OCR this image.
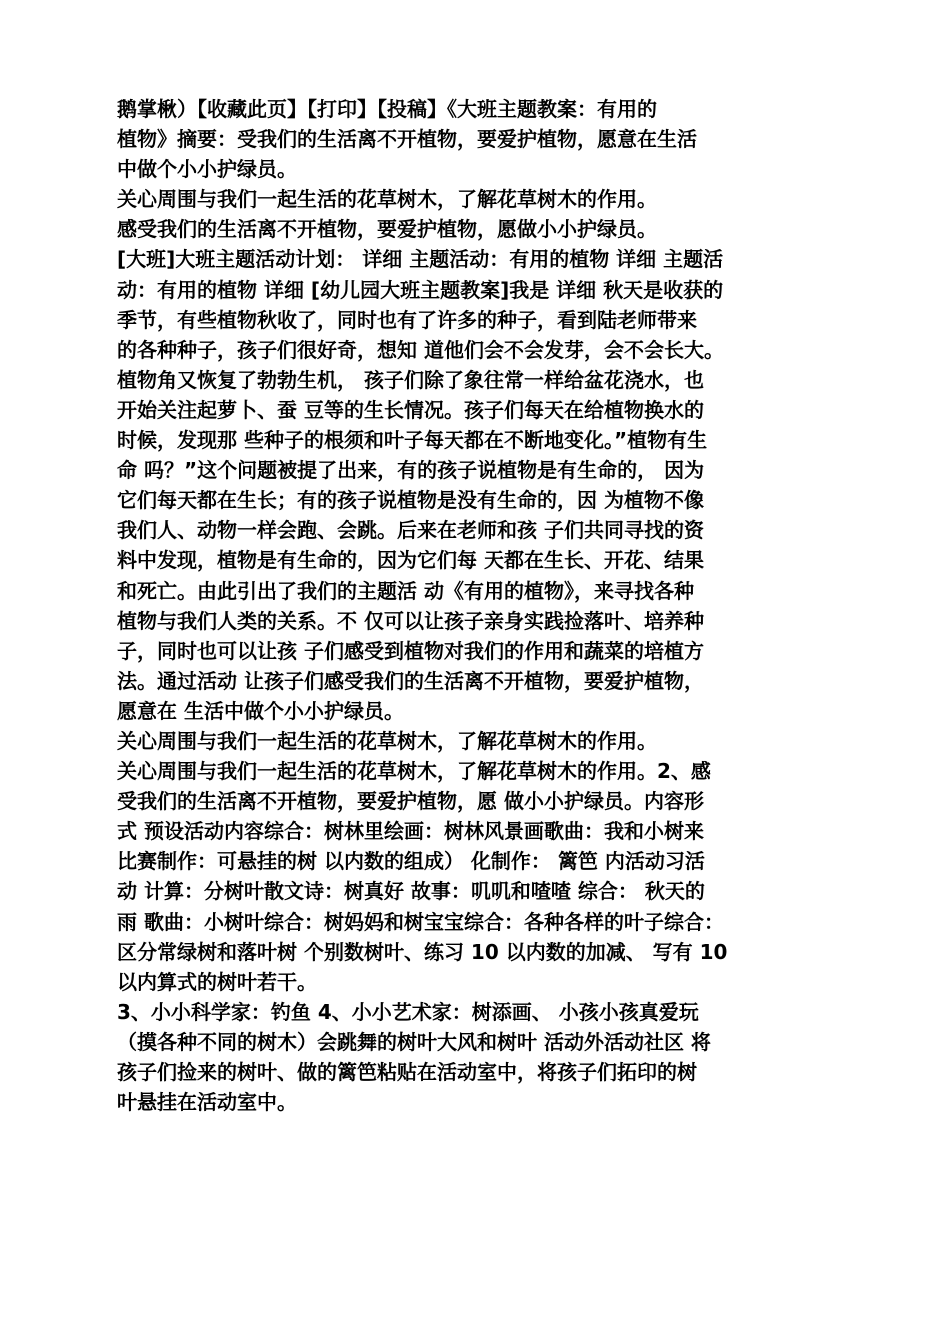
鹅掌楸）【收藏此页】【打印】【投稿】《大班主题教案：有用的
植物》摘要：受我们的生活离不开植物，要爱护植物，愿意在生活
中做个小小护绿员。
关心周围与我们一起生活的花草树木，了解花草树木的作用。
感受我们的生活离不开植物，要爱护植物，愿做小小护绿员。
[大班]大班主题活动计划： 详细 主题活动：有用的植物 详细 主题活
动：有用的植物 详细 [幼儿园大班主题教案]我是 详细 秋天是收获的
季节，有些植物秋收了，同时也有了许多的种子，看到陆老师带来
的各种种子，孩子们很好奇，想知 道他们会不会发芽，会不会长大。
植物角又恢复了勃勃生机， 孩子们除了象往常一样给盆花浇水，也
开始关注起萝卜、蚕 豆等的生长情况。孩子们每天在给植物换水的
时候，发现那 些种子的根须和叶子每天都在不断地变化。”植物有生
命 吗？”这个问题被提了出来，有的孩子说植物是有生命的， 因为
它们每天都在生长；有的孩子说植物是没有生命的，因 为植物不像
我们人、动物一样会跑、会跳。后来在老师和孩 子们共同寻找的资
料中发现，植物是有生命的，因为它们每 天都在生长、开花、结果
和死亡。由此引出了我们的主题活 动《有用的植物》，来寻找各种
植物与我们人类的关系。不 仅可以让孩子亲身实践捡落叶、培养种
子，同时也可以让孩 子们感受到植物对我们的作用和蔬菜的培植方
法。通过活动 让孩子们感受我们的生活离不开植物，要爱护植物，
愿意在 生活中做个小小护绿员。
关心周围与我们一起生活的花草树木，了解花草树木的作用。
关心周围与我们一起生活的花草树木，了解花草树木的作用。2、感
受我们的生活离不开植物，要爱护植物，愿 做小小护绿员。内容形
式 预设活动内容综合：树林里绘画：树林风景画歌曲：我和小树来
比赛制作：可悬挂的树 以内数的组成） 化制作： 篱笆 内活动习活
动 计算：分树叶散文诗：树真好 故事：叽叽和喳喳 综合： 秋天的
雨 歌曲：小树叶综合：树妈妈和树宝宝综合：各种各样的叶子综合：
区分常绿树和落叶树 个别数树叶、练习 10 以内数的加减、 写有 10
以内算式的树叶若干。
3、小小科学家：钓鱼 4、小小艺术家：树添画、 小孩小孩真爱玩
（摸各种不同的树木）会跳舞的树叶大风和树叶 活动外活动社区 将
孩子们捡来的树叶、做的篱笆粘贴在活动室中，将孩子们拓印的树
叶悬挂在活动室中。
